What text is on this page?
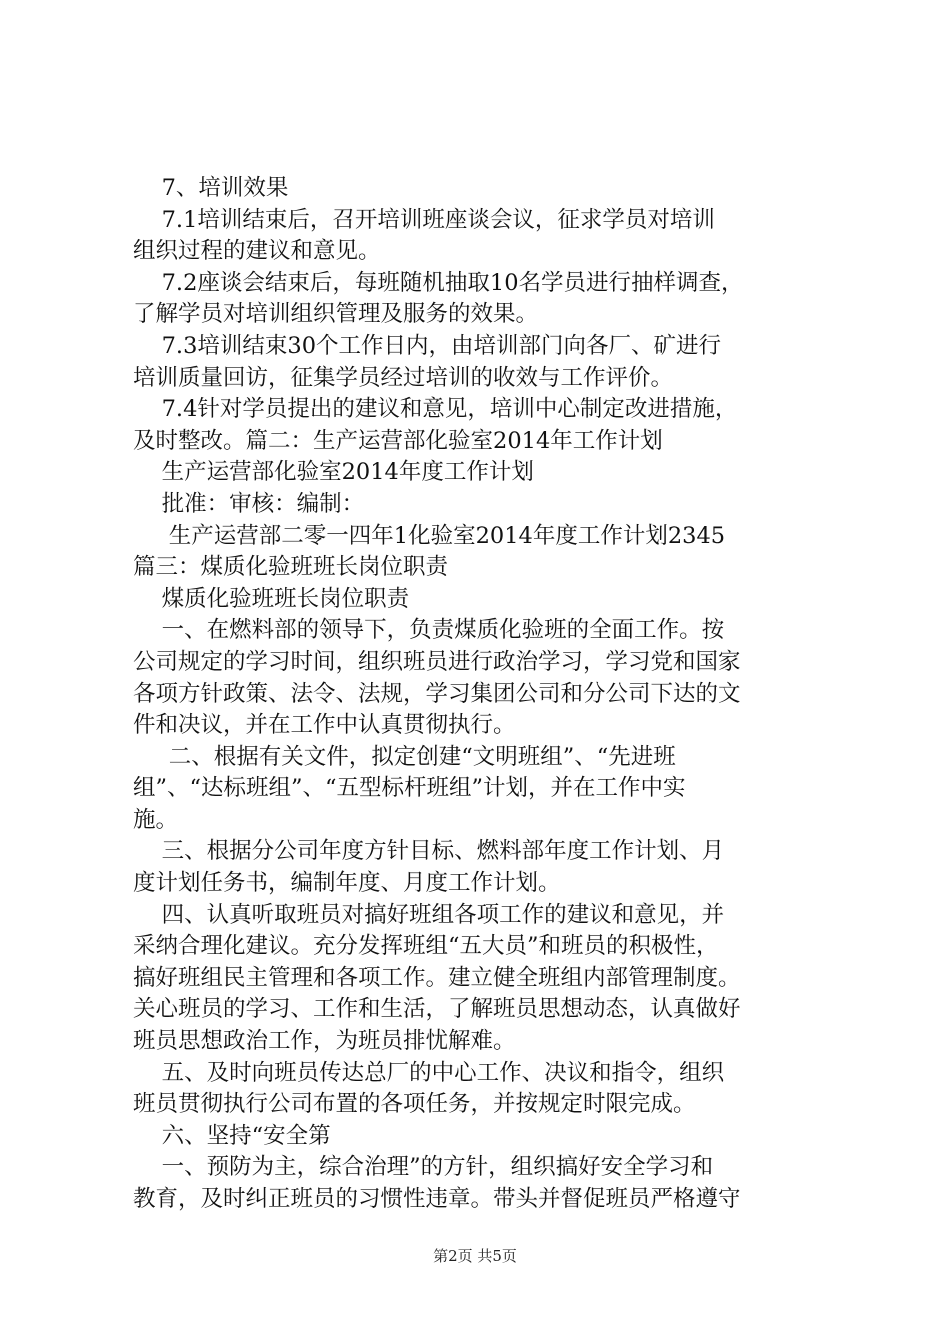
7、培训效果
7.1培训结束后，召开培训班座谈会议，征求学员对培训
组织过程的建议和意见。
7.2座谈会结束后，每班随机抽取10名学员进行抽样调查，
了解学员对培训组织管理及服务的效果。
7.3培训结束30个工作日内，由培训部门向各厂、矿进行
培训质量回访，征集学员经过培训的收效与工作评价。
7.4针对学员提出的建议和意见，培训中心制定改进措施，
及时整改。篇二：生产运营部化验室2014年工作计划
生产运营部化验室2014年度工作计划
批准：审核：编制：
生产运营部二零一四年1化验室2014年度工作计划2345
篇三：煤质化验班班长岗位职责
煤质化验班班长岗位职责
一、在燃料部的领导下，负责煤质化验班的全面工作。按
公司规定的学习时间，组织班员进行政治学习，学习党和国家
各项方针政策、法令、法规，学习集团公司和分公司下达的文
件和决议，并在工作中认真贯彻执行。
二、根据有关文件，拟定创建“文明班组”、“先进班
组”、“达标班组”、“五型标杆班组”计划，并在工作中实
施。
三、根据分公司年度方针目标、燃料部年度工作计划、月
度计划任务书，编制年度、月度工作计划。
四、认真听取班员对搞好班组各项工作的建议和意见，并
采纳合理化建议。充分发挥班组“五大员”和班员的积极性，
搞好班组民主管理和各项工作。建立健全班组内部管理制度。
关心班员的学习、工作和生活，了解班员思想动态，认真做好
班员思想政治工作，为班员排忧解难。
五、及时向班员传达总厂的中心工作、决议和指令，组织
班员贯彻执行公司布置的各项任务，并按规定时限完成。
六、坚持“安全第
一、预防为主，综合治理”的方针，组织搞好安全学习和
教育，及时纠正班员的习惯性违章。带头并督促班员严格遵守
第2页 共5页
